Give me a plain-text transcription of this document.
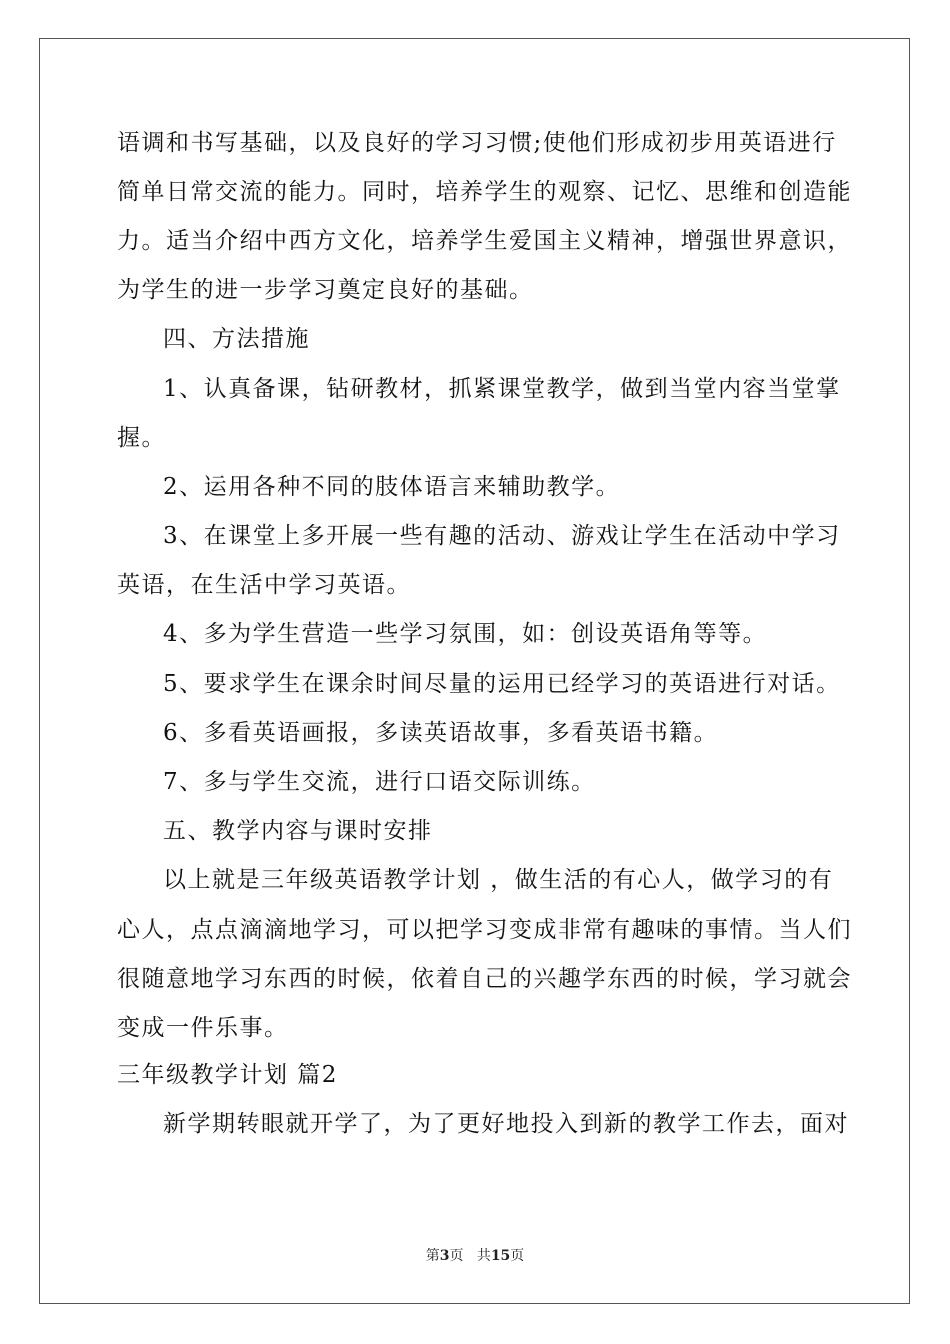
语调和书写基础，以及良好的学习习惯;使他们形成初步用英语进行
简单日常交流的能力。同时，培养学生的观察、记忆、思维和创造能
力。适当介绍中西方文化，培养学生爱国主义精神，增强世界意识，
为学生的进一步学习奠定良好的基础。
四、方法措施
1、认真备课，钻研教材，抓紧课堂教学，做到当堂内容当堂掌
握。
2、运用各种不同的肢体语言来辅助教学。
3、在课堂上多开展一些有趣的活动、游戏让学生在活动中学习
英语，在生活中学习英语。
4、多为学生营造一些学习氛围，如：创设英语角等等。
5、要求学生在课余时间尽量的运用已经学习的英语进行对话。
6、多看英语画报，多读英语故事，多看英语书籍。
7、多与学生交流，进行口语交际训练。
五、教学内容与课时安排
以上就是三年级英语教学计划 ，做生活的有心人，做学习的有
心人，点点滴滴地学习，可以把学习变成非常有趣味的事情。当人们
很随意地学习东西的时候，依着自己的兴趣学东西的时候，学习就会
变成一件乐事。
三年级教学计划 篇2
新学期转眼就开学了，为了更好地投入到新的教学工作去，面对
第3页 共15页
